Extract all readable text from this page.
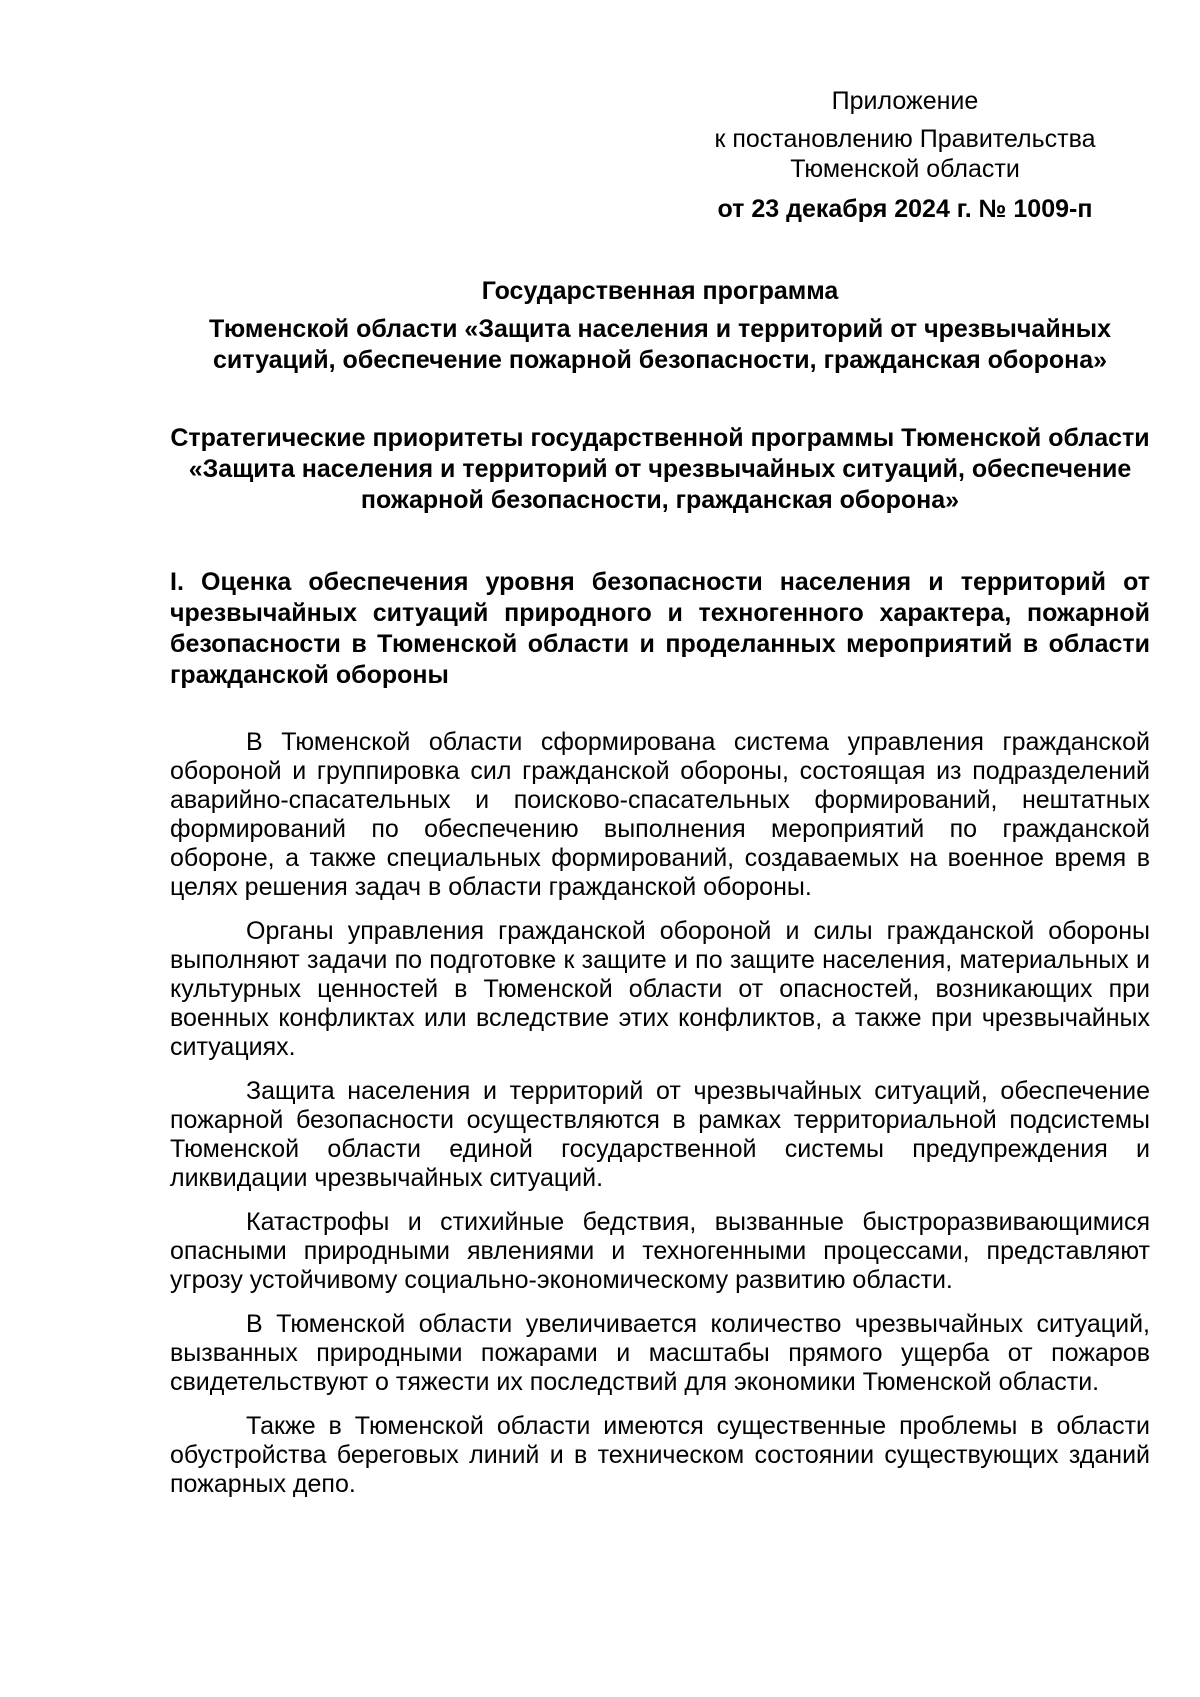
Приложение
к постановлению Правительства
Тюменской области
от 23 декабря 2024 г. № 1009-п
Государственная программа
Тюменской области «Защита населения и территорий от чрезвычайных ситуаций, обеспечение пожарной безопасности, гражданская оборона»
Стратегические приоритеты государственной программы Тюменской области «Защита населения и территорий от чрезвычайных ситуаций, обеспечение пожарной безопасности, гражданская оборона»
I. Оценка обеспечения уровня безопасности населения и территорий от чрезвычайных ситуаций природного и техногенного характера, пожарной безопасности в Тюменской области и проделанных мероприятий в области гражданской обороны

В Тюменской области сформирована система управления гражданской обороной и группировка сил гражданской обороны, состоящая из подразделений аварийно-спасательных и поисково-спасательных формирований, нештатных формирований по обеспечению выполнения мероприятий по гражданской обороне, а также специальных формирований, создаваемых на военное время в целях решения задач в области гражданской обороны.

Органы управления гражданской обороной и силы гражданской обороны выполняют задачи по подготовке к защите и по защите населения, материальных и культурных ценностей в Тюменской области от опасностей, возникающих при военных конфликтах или вследствие этих конфликтов, а также при чрезвычайных ситуациях.

Защита населения и территорий от чрезвычайных ситуаций, обеспечение пожарной безопасности осуществляются в рамках территориальной подсистемы Тюменской области единой государственной системы предупреждения и ликвидации чрезвычайных ситуаций.

Катастрофы и стихийные бедствия, вызванные быстроразвивающимися опасными природными явлениями и техногенными процессами, представляют угрозу устойчивому социально-экономическому развитию области.

В Тюменской области увеличивается количество чрезвычайных ситуаций, вызванных природными пожарами и масштабы прямого ущерба от пожаров свидетельствуют о тяжести их последствий для экономики Тюменской области.

Также в Тюменской области имеются существенные проблемы в области обустройства береговых линий и в техническом состоянии существующих зданий пожарных депо.
